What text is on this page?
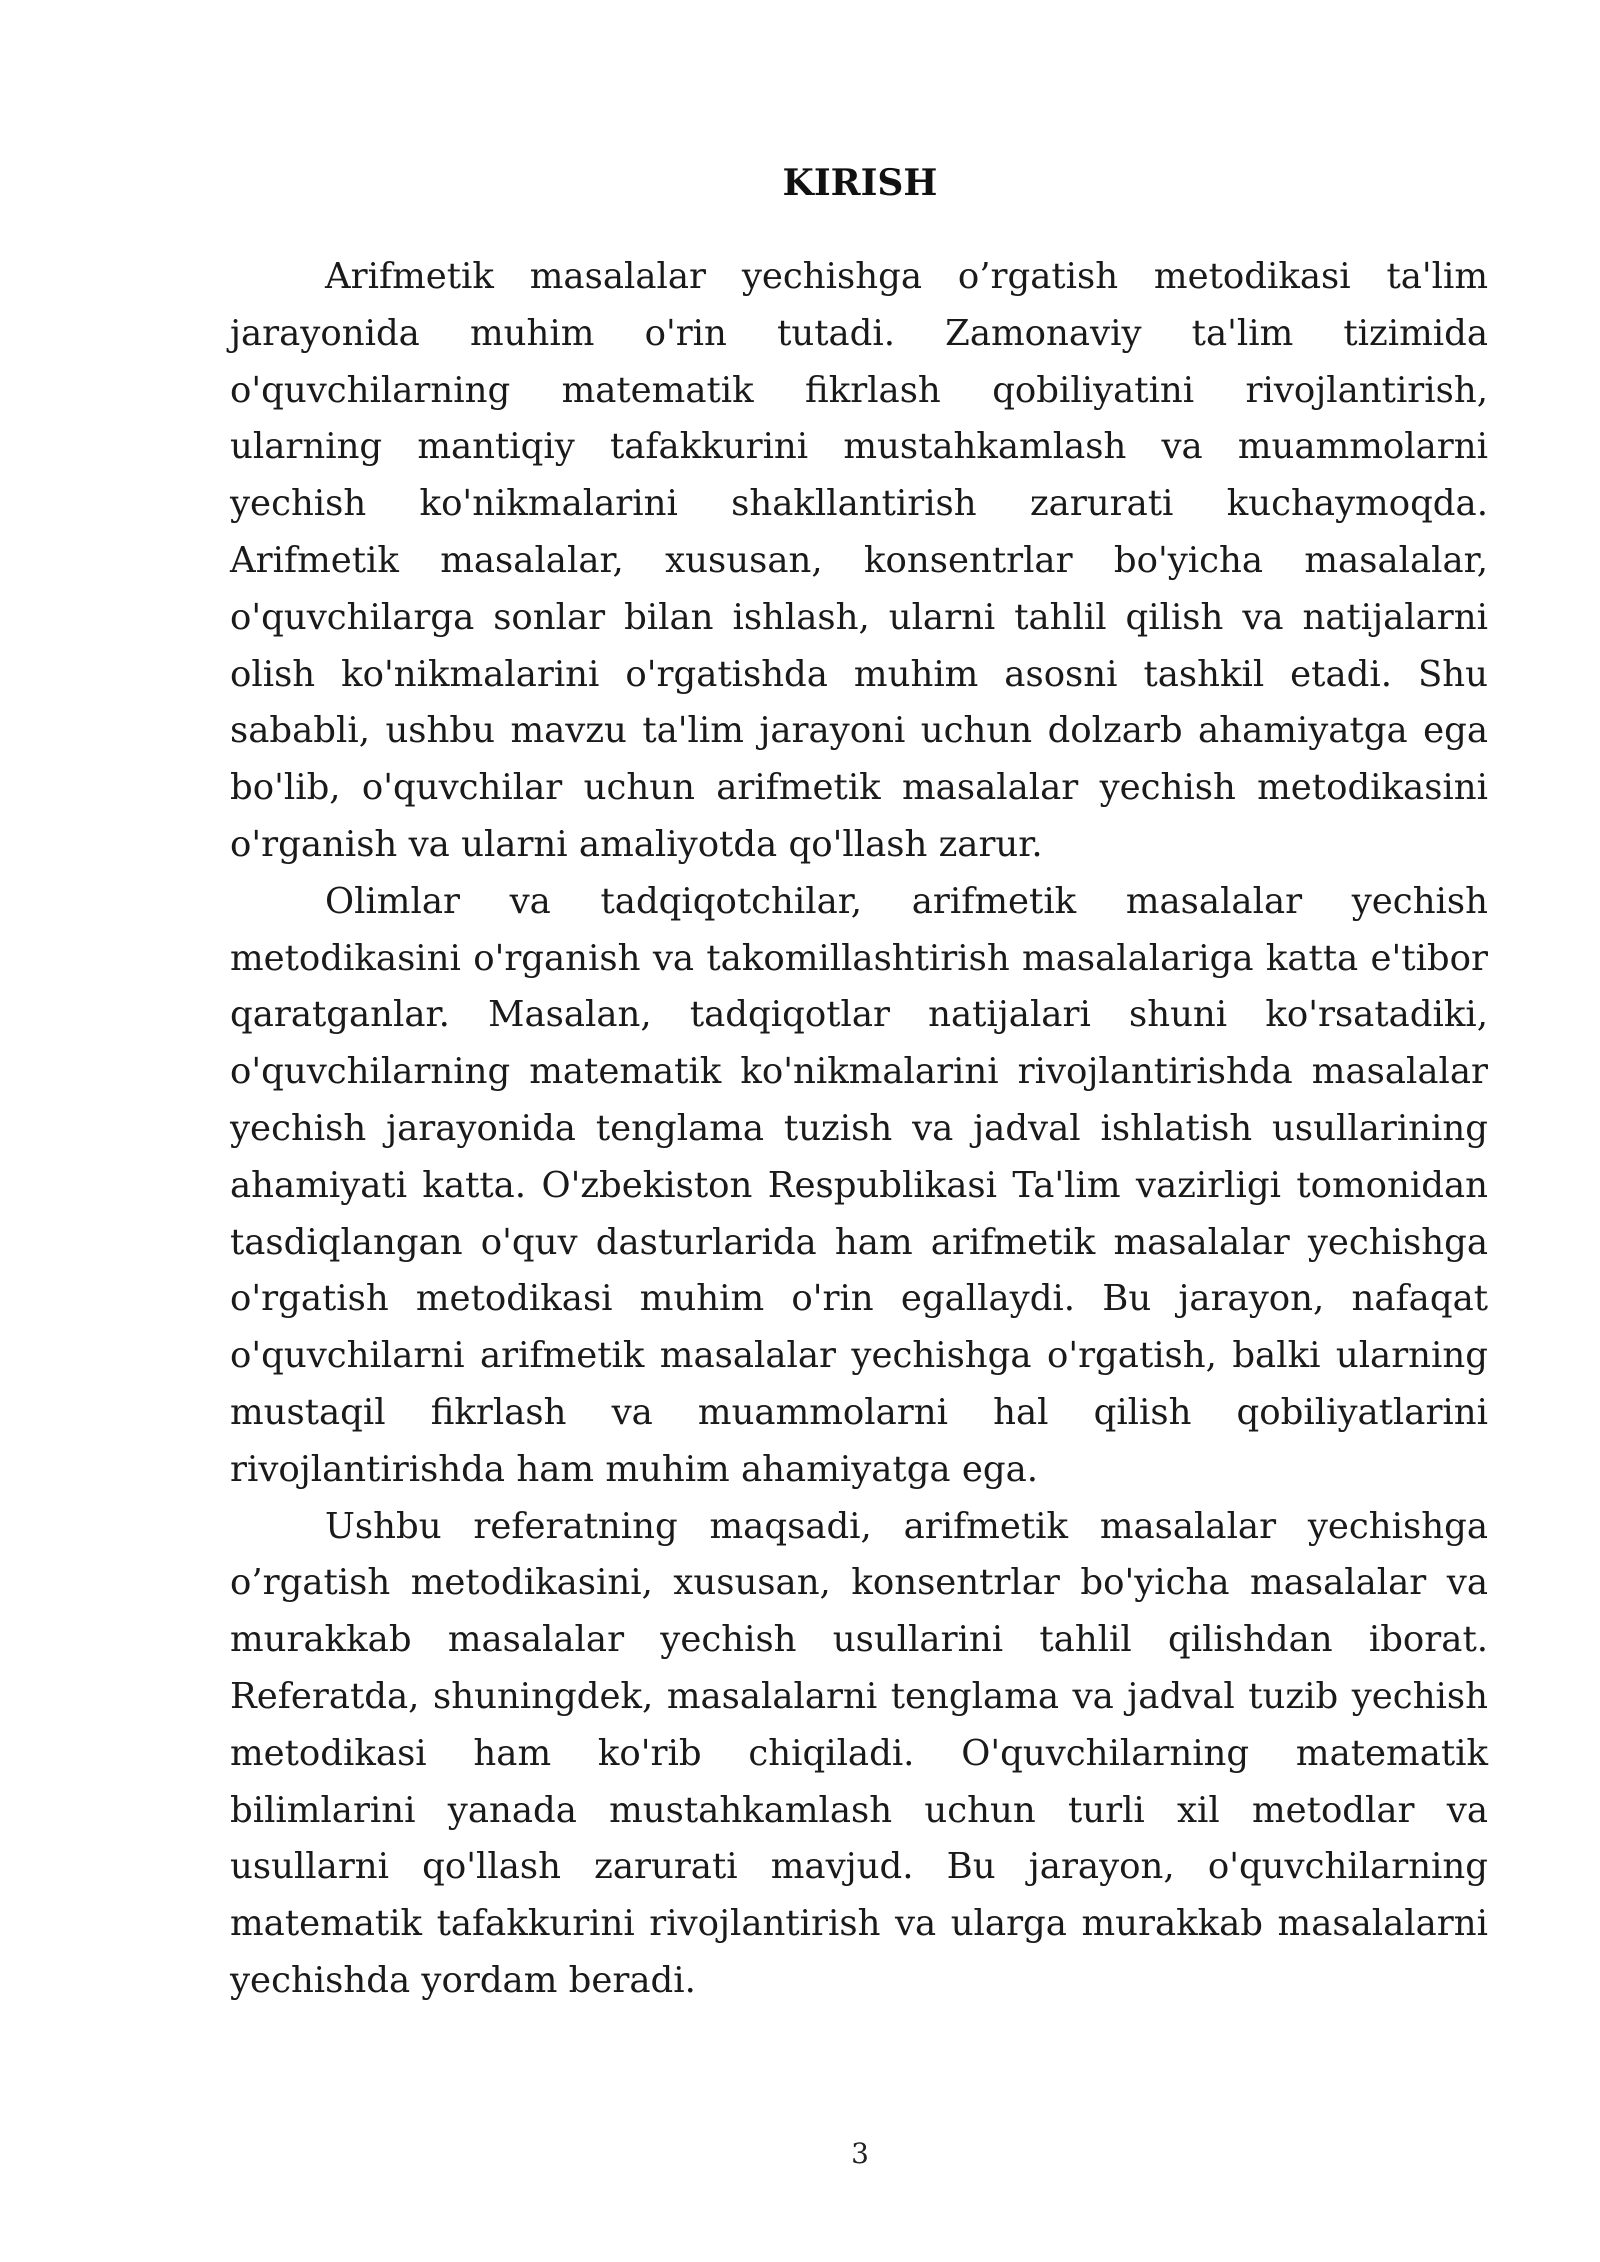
KIRISH

Arifmetik masalalar yechishga o’rgatish metodikasi ta'lim jarayonida muhim o'rin tutadi. Zamonaviy ta'lim tizimida o'quvchilarning matematik fikrlash qobiliyatini rivojlantirish, ularning mantiqiy tafakkurini mustahkamlash va muammolarni yechish ko'nikmalarini shakllantirish zarurati kuchaymoqda. Arifmetik masalalar, xususan, konsentrlar bo'yicha masalalar, o'quvchilarga sonlar bilan ishlash, ularni tahlil qilish va natijalarni olish ko'nikmalarini o'rgatishda muhim asosni tashkil etadi. Shu sababli, ushbu mavzu ta'lim jarayoni uchun dolzarb ahamiyatga ega bo'lib, o'quvchilar uchun arifmetik masalalar yechish metodikasini o'rganish va ularni amaliyotda qo'llash zarur.

Olimlar va tadqiqotchilar, arifmetik masalalar yechish metodikasini o'rganish va takomillashtirish masalalariga katta e'tibor qaratganlar. Masalan, tadqiqotlar natijalari shuni ko'rsatadiki, o'quvchilarning matematik ko'nikmalarini rivojlantirishda masalalar yechish jarayonida tenglama tuzish va jadval ishlatish usullarining ahamiyati katta. O'zbekiston Respublikasi Ta'lim vazirligi tomonidan tasdiqlangan o'quv dasturlarida ham arifmetik masalalar yechishga o'rgatish metodikasi muhim o'rin egallaydi. Bu jarayon, nafaqat o'quvchilarni arifmetik masalalar yechishga o'rgatish, balki ularning mustaqil fikrlash va muammolarni hal qilish qobiliyatlarini rivojlantirishda ham muhim ahamiyatga ega.

Ushbu referatning maqsadi, arifmetik masalalar yechishga o’rgatish metodikasini, xususan, konsentrlar bo'yicha masalalar va murakkab masalalar yechish usullarini tahlil qilishdan iborat. Referatda, shuningdek, masalalarni tenglama va jadval tuzib yechish metodikasi ham ko'rib chiqiladi. O'quvchilarning matematik bilimlarini yanada mustahkamlash uchun turli xil metodlar va usullarni qo'llash zarurati mavjud. Bu jarayon, o'quvchilarning matematik tafakkurini rivojlantirish va ularga murakkab masalalarni yechishda yordam beradi.

3
